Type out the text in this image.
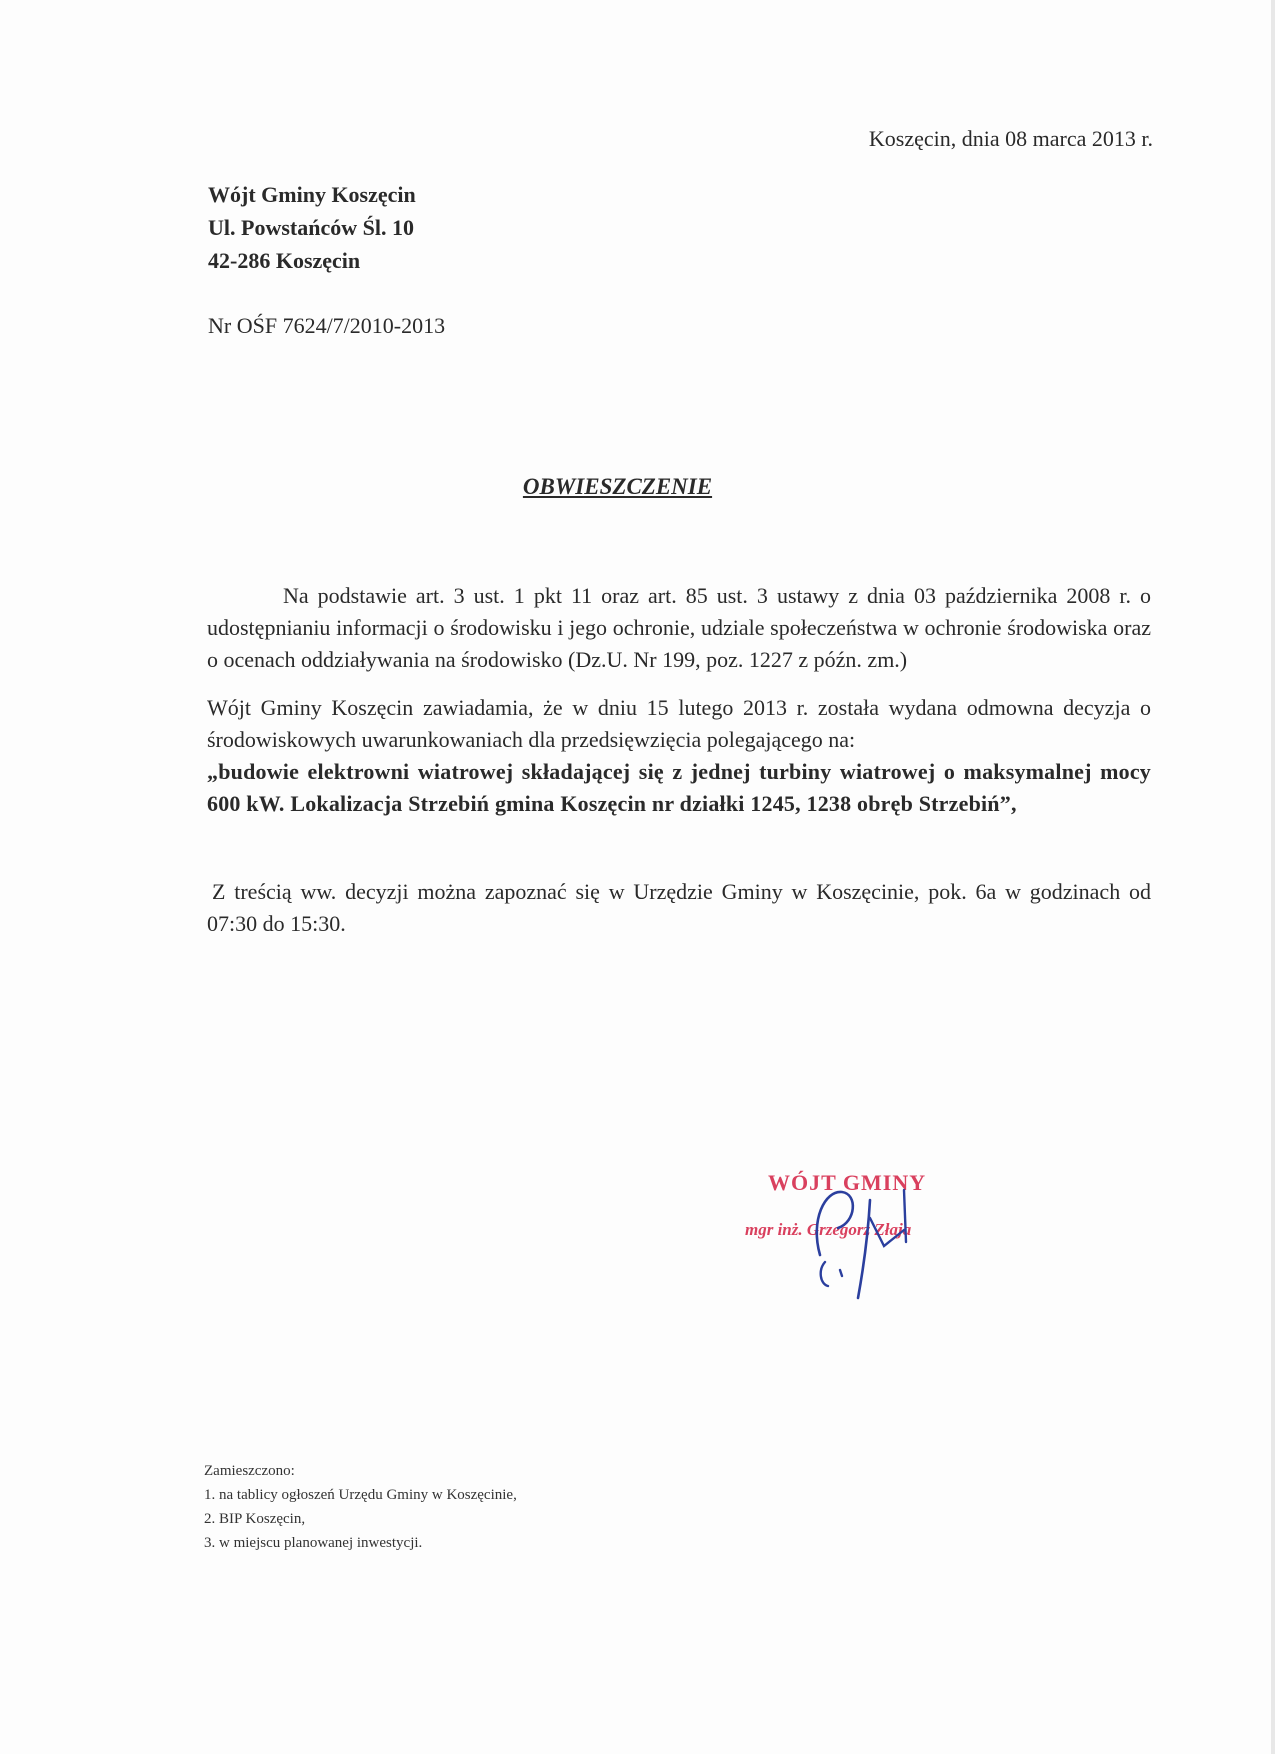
Koszęcin, dnia 08 marca 2013 r.
Wójt Gminy Koszęcin
Ul. Powstańców Śl. 10
42-286 Koszęcin
Nr OŚF 7624/7/2010-2013
OBWIESZCZENIE

Na podstawie art. 3 ust. 1 pkt 11 oraz art. 85 ust. 3 ustawy z dnia 03 października 2008 r. o udostępnianiu informacji o środowisku i jego ochronie, udziale społeczeństwa w ochronie środowiska oraz o ocenach oddziaływania na środowisko (Dz.U. Nr 199, poz. 1227 z późn. zm.)

Wójt Gminy Koszęcin zawiadamia, że w dniu 15 lutego 2013 r. została wydana odmowna decyzja o środowiskowych uwarunkowaniach dla przedsięwzięcia polegającego na:

„budowie elektrowni wiatrowej składającej się z jednej turbiny wiatrowej o maksymalnej mocy 600 kW. Lokalizacja Strzebiń gmina Koszęcin nr działki 1245, 1238 obręb Strzebiń”,

Z treścią ww. decyzji można zapoznać się w Urzędzie Gminy w Koszęcinie, pok. 6a w godzinach od 07:30 do 15:30.

WÓJT GMINY
mgr inż. Grzegorz Złaja
Zamieszczono:
1. na tablicy ogłoszeń Urzędu Gminy w Koszęcinie,
2. BIP Koszęcin,
3. w miejscu planowanej inwestycji.
